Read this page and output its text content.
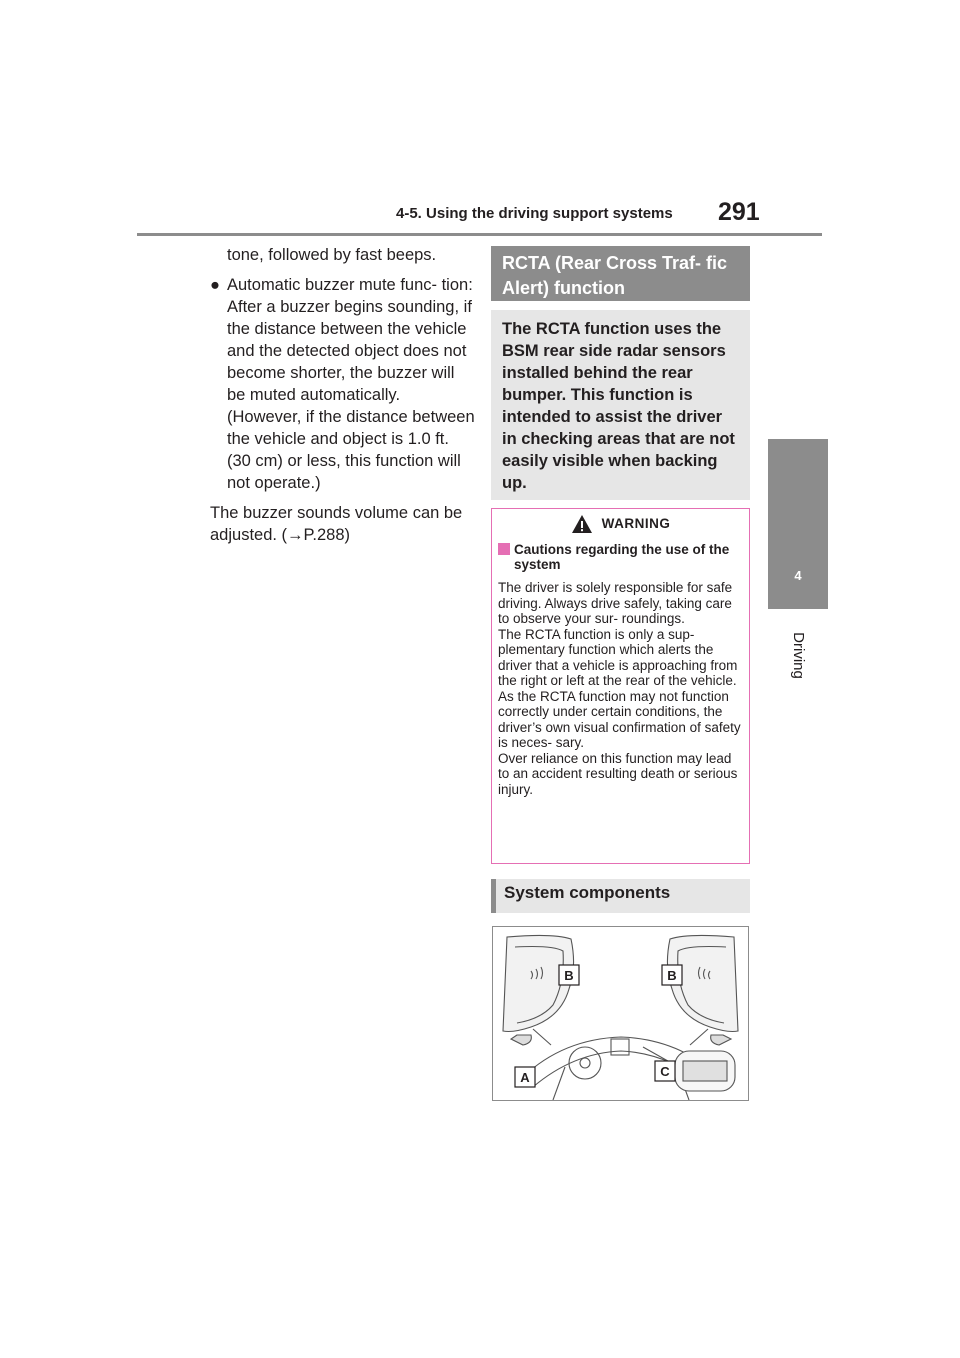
4-5. Using the driving support systems 291
4
Driving
tone, followed by fast beeps.
● Automatic buzzer mute func- tion: After a buzzer begins sounding, if the distance between the vehicle and the detected object does not become shorter, the buzzer will be muted automatically. (However, if the distance between the vehicle and object is 1.0 ft. (30 cm) or less, this function will not operate.)
The buzzer sounds volume can be adjusted. (→P.288)
RCTA (Rear Cross Traf- fic Alert) function
The RCTA function uses the BSM rear side radar sensors installed behind the rear bumper. This function is intended to assist the driver in checking areas that are not easily visible when backing up.
WARNING
Cautions regarding the use of the system

The driver is solely responsible for safe driving. Always drive safely, taking care to observe your sur- roundings.

The RCTA function is only a sup- plementary function which alerts the driver that a vehicle is approaching from the right or left at the rear of the vehicle.

As the RCTA function may not function correctly under certain conditions, the driver’s own visual confirmation of safety is neces- sary.

Over reliance on this function may lead to an accident resulting death or serious injury.

System components
B	B
A	C
